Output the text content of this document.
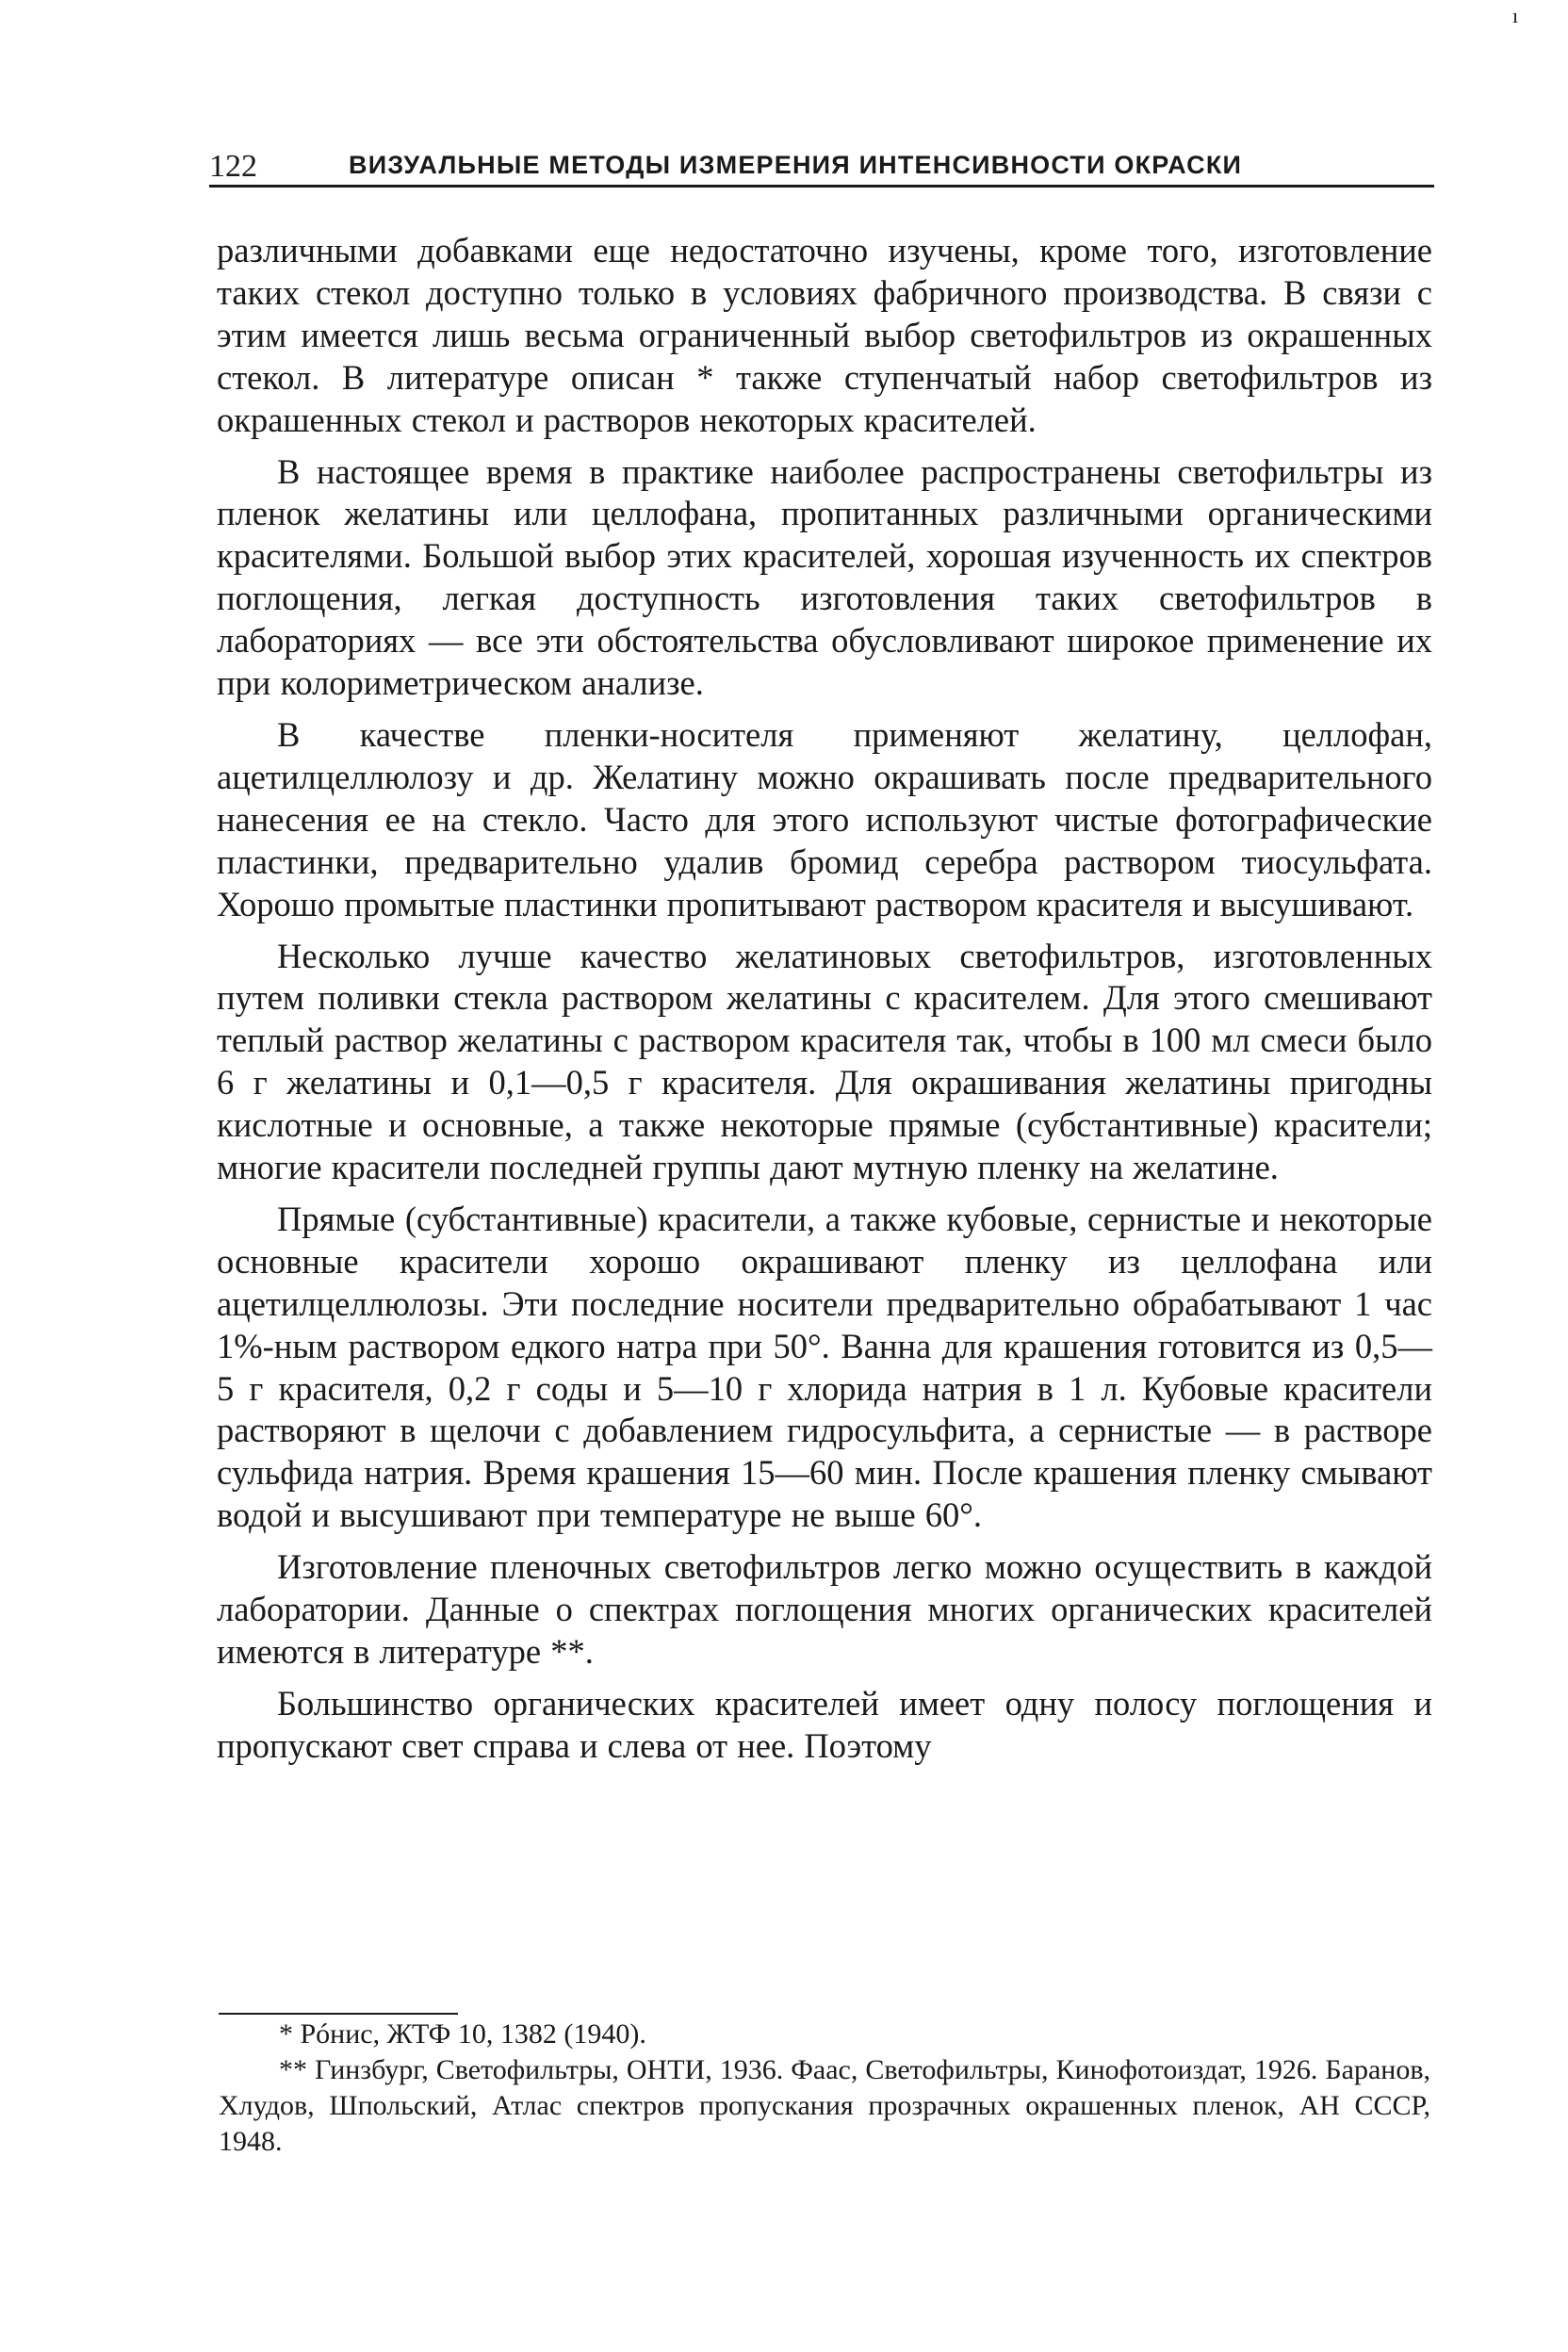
ı
122	ВИЗУАЛЬНЫЕ МЕТОДЫ ИЗМЕРЕНИЯ ИНТЕНСИВНОСТИ ОКРАСКИ

различными добавками еще недостаточно изучены, кроме того, изготовление таких стекол доступно только в условиях фабричного производства. В связи с этим имеется лишь весьма ограниченный выбор светофильтров из окрашенных стекол. В литературе описан * также ступенчатый набор светофильтров из окрашенных стекол и растворов некоторых красителей.

В настоящее время в практике наиболее распространены светофильтры из пленок желатины или целлофана, пропитанных различными органическими красителями. Большой выбор этих красителей, хорошая изученность их спектров поглощения, легкая доступность изготовления таких светофильтров в лабораториях — все эти обстоятельства обусловливают широкое применение их при колориметрическом анализе.

В качестве пленки-носителя применяют желатину, целлофан, ацетилцеллюлозу и др. Желатину можно окрашивать после предварительного нанесения ее на стекло. Часто для этого используют чистые фотографические пластинки, предварительно удалив бромид серебра раствором тиосульфата. Хорошо промытые пластинки пропитывают раствором красителя и высушивают.

Несколько лучше качество желатиновых светофильтров, изготовленных путем поливки стекла раствором желатины с красителем. Для этого смешивают теплый раствор желатины с раствором красителя так, чтобы в 100 мл смеси было 6 г желатины и 0,1—0,5 г красителя. Для окрашивания желатины пригодны кислотные и основные, а также некоторые прямые (субстантивные) красители; многие красители последней группы дают мутную пленку на желатине.

Прямые (субстантивные) красители, а также кубовые, сернистые и некоторые основные красители хорошо окрашивают пленку из целлофана или ацетилцеллюлозы. Эти последние носители предварительно обрабатывают 1 час 1%-ным раствором едкого натра при 50°. Ванна для крашения готовится из 0,5—5 г красителя, 0,2 г соды и 5—10 г хлорида натрия в 1 л. Кубовые красители растворяют в щелочи с добавлением гидросульфита, а сернистые — в растворе сульфида натрия. Время крашения 15—60 мин. После крашения пленку смывают водой и высушивают при температуре не выше 60°.

Изготовление пленочных светофильтров легко можно осуществить в каждой лаборатории. Данные о спектрах поглощения многих органических красителей имеются в литературе **.

Большинство органических красителей имеет одну полосу поглощения и пропускают свет справа и слева от нее. Поэтому

* Рóнис, ЖТФ 10, 1382 (1940).

** Гинзбург, Светофильтры, ОНТИ, 1936. Фаас, Светофильтры, Кинофотоиздат, 1926. Баранов, Хлудов, Шпольский, Атлас спектров пропускания прозрачных окрашенных пленок, АН СССР, 1948.
